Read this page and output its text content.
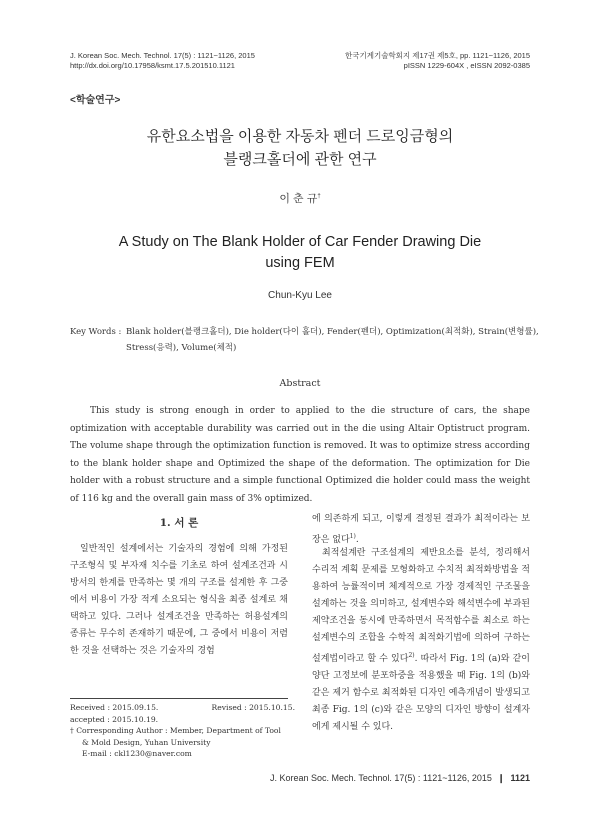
J. Korean Soc. Mech. Technol. 17(5) : 1121~1126, 2015
http://dx.doi.org/10.17958/ksmt.17.5.201510.1121
한국기계기술학회지 제17권 제5호, pp. 1121~1126, 2015
pISSN 1229-604X , eISSN 2092-0385
<학술연구>
유한요소법을 이용한 자동차 펜더 드로잉금형의
블랭크홀더에 관한 연구
이 춘 규†
A Study on The Blank Holder of Car Fender Drawing Die
using FEM
Chun-Kyu Lee
Key Words : Blank holder(블랭크홀더), Die holder(다이 홀더), Fender(펜더), Optimization(최적화), Strain(변형률),
Stress(응력), Volume(체적)
Abstract
This study is strong enough in order to applied to the die structure of cars, the shape optimization with acceptable durability was carried out in the die using Altair Optistruct program. The volume shape through the optimization function is removed. It was to optimize stress according to the blank holder shape and Optimized the shape of the deformation. The optimization for Die holder with a robust structure and a simple functional Optimized die holder could mass the weight of 116 kg and the overall gain mass of 3% optimized.
1. 서 론
일반적인 설계에서는 기술자의 경험에 의해 가정된 구조형식 및 부자재 치수를 기초로 하여 설계조건과 시방서의 한계를 만족하는 몇 개의 구조를 설계한 후 그중에서 비용이 가장 적게 소요되는 형식을 최종 설계로 채택하고 있다. 그러나 설계조건을 만족하는 허용설계의 종류는 무수히 존재하기 때문에, 그 중에서 비용이 저렴한 것을 선택하는 것은 기술자의 경험
에 의존하게 되고, 이렇게 결정된 결과가 최적이라는 보장은 없다$^{1)}$.
최적설계란 구조설계의 제반요소를 분석, 정리해서 수리적 계획 문제를 모형화하고 수치적 최적화방법을 적용하여 능률적이며 체계적으로 가장 경제적인 구조물을 설계하는 것을 의미하고, 설계변수와 해석변수에 부과된 제약조건을 동시에 만족하면서 목적함수를 최소로 하는 설계변수의 조합을 수학적 최적화기법에 의하여 구하는 설계법이라고 할 수 있다$^{2)}$. 따라서 Fig. 1의 (a)와 같이 양단 고정보에 분포하중을 적용했을 때 Fig. 1의 (b)와 같은 제거 함수로 최적화된 디자인 예측개념이 발생되고 최종 Fig. 1의 (c)와 같은 모양의 디자인 방향이 설계자에게 제시될 수 있다.
Received : 2015.09.15.	Revised : 2015.10.15.
accepted : 2015.10.19.
† Corresponding Author : Member, Department of Tool
& Mold Design, Yuhan University
E-mail : ckl1230@naver.com
J. Korean Soc. Mech. Technol. 17(5) : 1121~1126, 2015 ❙ 1121
